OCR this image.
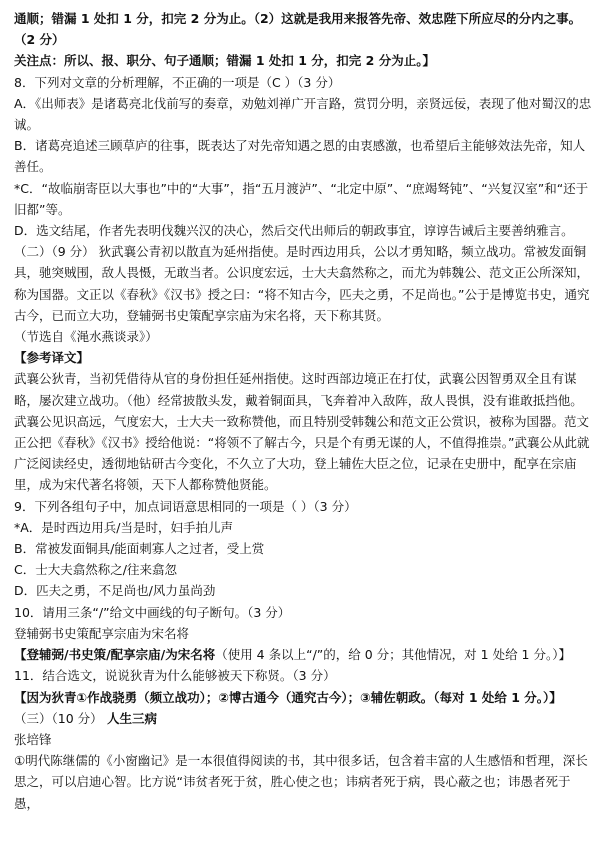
通顺；错漏 1 处扣 1 分，扣完 2 分为止。（2）这就是我用来报答先帝、效忠陛下所应尽的分内之事。（2 分）

关注点：所以、报、职分、句子通顺；错漏 1 处扣 1 分，扣完 2 分为止。】

8．下列对文章的分析理解，不正确的一项是（C ）（3 分）

A．《出师表》是诸葛亮北伐前写的奏章，劝勉刘禅广开言路，赏罚分明，亲贤远佞，表现了他对蜀汉的忠诚。

B．诸葛亮追述三顾草庐的往事，既表达了对先帝知遇之恩的由衷感激，也希望后主能够效法先帝，知人善任。

*C．“故临崩寄臣以大事也”中的“大事”，指“五月渡泸”、“北定中原”、“庶竭驽钝”、“兴复汉室”和“还于旧都”等。

D．选文结尾，作者先表明伐魏兴汉的决心，然后交代出师后的朝政事宜，谆谆告诫后主要善纳雅言。

（二）（9 分） 狄武襄公青初以散直为延州指使。是时西边用兵，公以才勇知略，频立战功。常被发面铜具，驰突贼围，敌人畏慑，无敢当者。公识度宏远，士大夫翕然称之，而尤为韩魏公、范文正公所深知，称为国器。文正以《春秋》《汉书》授之曰：“将不知古今，匹夫之勇，不足尚也。”公于是博览书史，通究古今，已而立大功，登辅弼书史策配享宗庙为宋名将，天下称其贤。

（节选自《渑水燕谈录》）

【参考译文】

武襄公狄青，当初凭借待从官的身份担任延州指使。这时西部边境正在打仗，武襄公因智勇双全且有谋略，屡次建立战功。（他）经常披散头发，戴着铜面具，飞奔着冲入敌阵，敌人畏惧，没有谁敢抵挡他。武襄公见识高远，气度宏大，士大夫一致称赞他，而且特别受韩魏公和范文正公赏识，被称为国器。范文正公把《春秋》《汉书》授给他说：“将领不了解古今，只是个有勇无谋的人，不值得推崇。”武襄公从此就广泛阅读经史，透彻地钻研古今变化，不久立了大功，登上辅佐大臣之位，记录在史册中，配享在宗庙里，成为宋代著名将领，天下人都称赞他贤能。

9．下列各组句子中，加点词语意思相同的一项是（ ）（3 分）

*A．是时西边用兵/当是时，妇手拍儿声

B．常被发面铜具/能面刺寡人之过者，受上赏

C．士大夫翕然称之/往来翕忽

D．匹夫之勇，不足尚也/风力虽尚劲

10．请用三条“/”给文中画线的句子断句。（3 分）

登辅弼书史策配享宗庙为宋名将

【登辅弼/书史策/配享宗庙/为宋名将（使用 4 条以上“/”的，给 0 分；其他情况，对 1 处给 1 分。）】

11．结合选文，说说狄青为什么能够被天下称贤。（3 分）

【因为狄青①作战骁勇（频立战功）；②博古通今（通究古今）；③辅佐朝政。（每对 1 处给 1 分。）】

（三）（10 分） 人生三病

张培锋

①明代陈继儒的《小窗幽记》是一本很值得阅读的书，其中很多话，包含着丰富的人生感悟和哲理，深长思之，可以启迪心智。比方说“讳贫者死于贫，胜心使之也；讳病者死于病，畏心蔽之也；讳愚者死于愚，
